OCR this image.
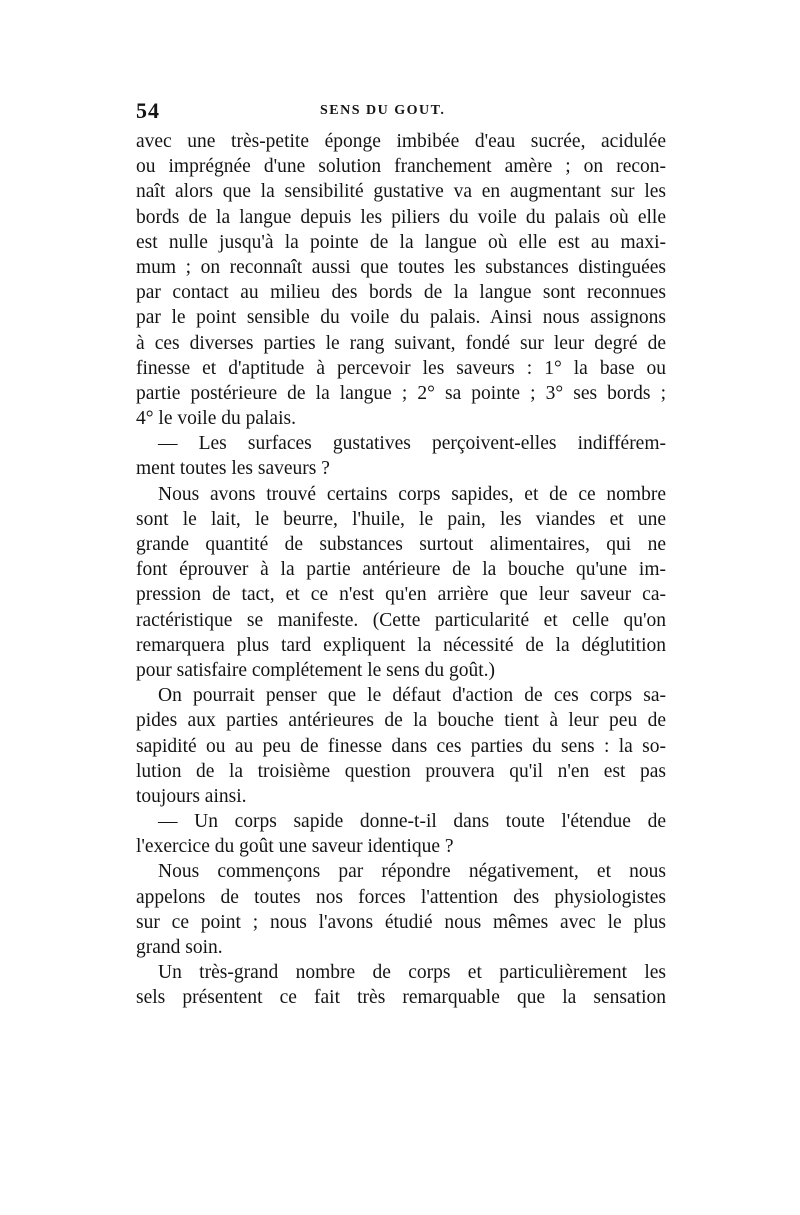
54	SENS DU GOUT.
avec une très-petite éponge imbibée d'eau sucrée, acidulée
ou imprégnée d'une solution franchement amère ; on recon-
naît alors que la sensibilité gustative va en augmentant sur les
bords de la langue depuis les piliers du voile du palais où elle
est nulle jusqu'à la pointe de la langue où elle est au maxi-
mum ; on reconnaît aussi que toutes les substances distinguées
par contact au milieu des bords de la langue sont reconnues
par le point sensible du voile du palais. Ainsi nous assignons
à ces diverses parties le rang suivant, fondé sur leur degré de
finesse et d'aptitude à percevoir les saveurs : 1° la base ou
partie postérieure de la langue ; 2° sa pointe ; 3° ses bords ;
4° le voile du palais.
— Les surfaces gustatives perçoivent-elles indifférem-
ment toutes les saveurs ?
Nous avons trouvé certains corps sapides, et de ce nombre
sont le lait, le beurre, l'huile, le pain, les viandes et une
grande quantité de substances surtout alimentaires, qui ne
font éprouver à la partie antérieure de la bouche qu'une im-
pression de tact, et ce n'est qu'en arrière que leur saveur ca-
ractéristique se manifeste. (Cette particularité et celle qu'on
remarquera plus tard expliquent la nécessité de la déglutition
pour satisfaire complétement le sens du goût.)
On pourrait penser que le défaut d'action de ces corps sa-
pides aux parties antérieures de la bouche tient à leur peu de
sapidité ou au peu de finesse dans ces parties du sens : la so-
lution de la troisième question prouvera qu'il n'en est pas
toujours ainsi.
— Un corps sapide donne-t-il dans toute l'étendue de
l'exercice du goût une saveur identique ?
Nous commençons par répondre négativement, et nous
appelons de toutes nos forces l'attention des physiologistes
sur ce point ; nous l'avons étudié nous mêmes avec le plus
grand soin.
Un très-grand nombre de corps et particulièrement les
sels présentent ce fait très remarquable que la sensation
